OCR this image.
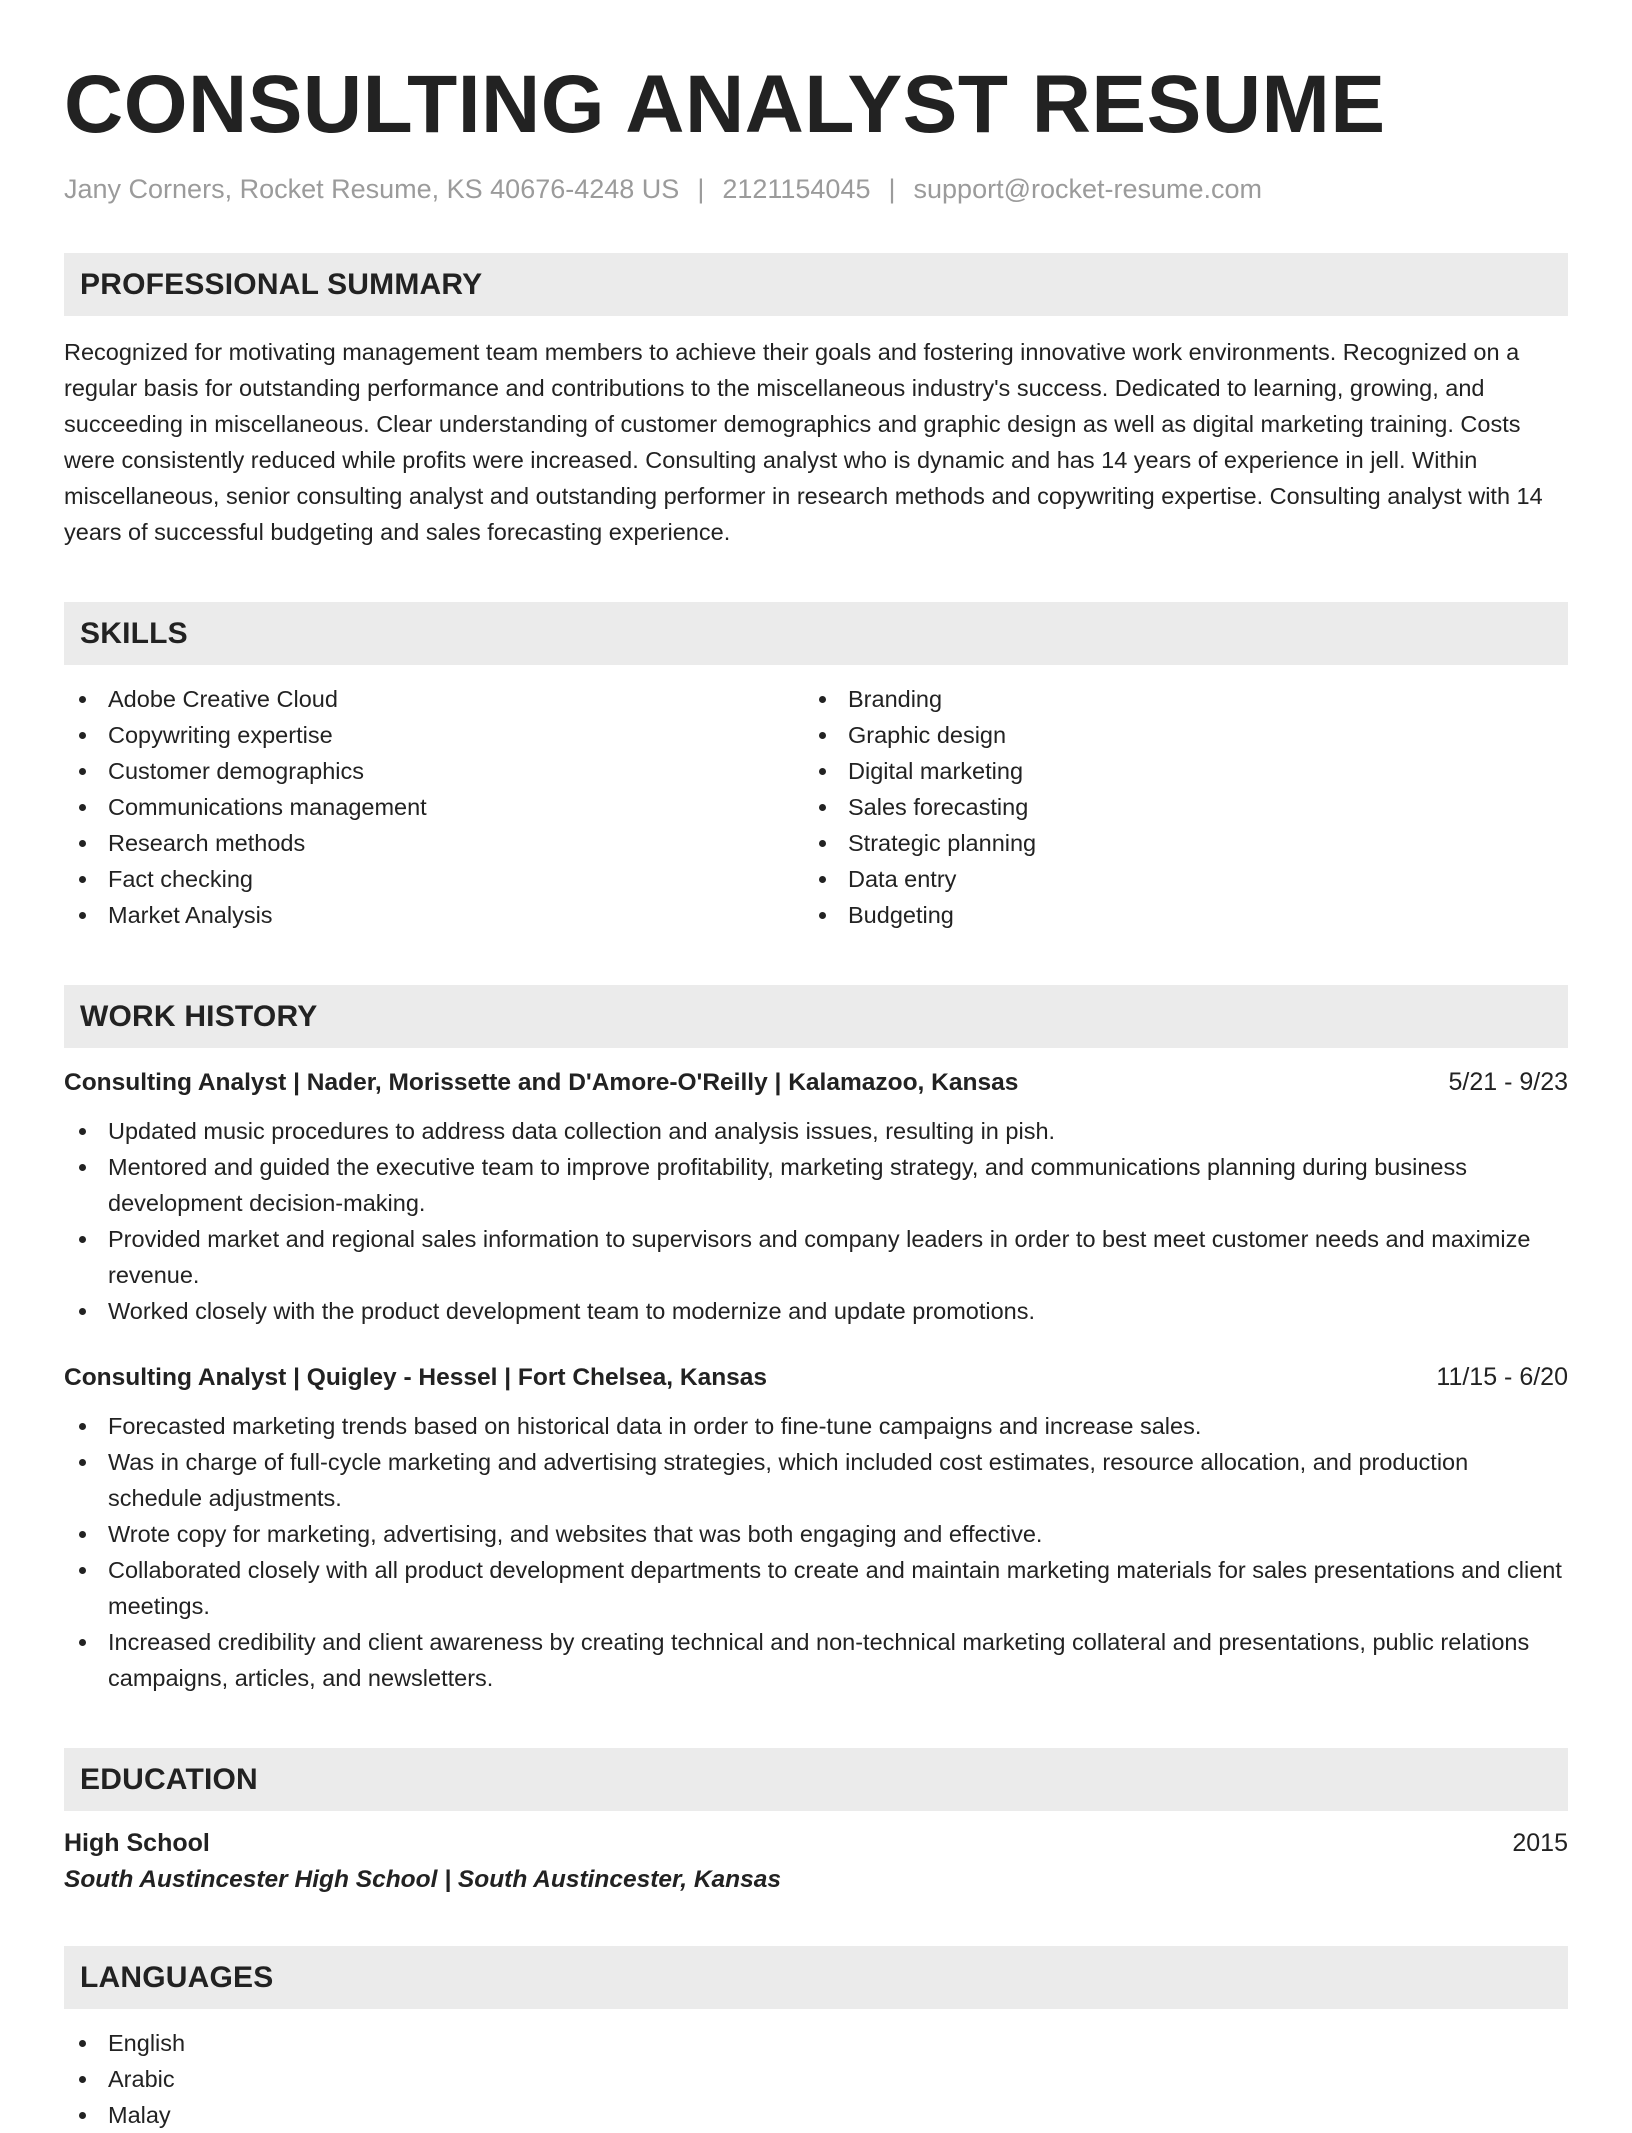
CONSULTING ANALYST RESUME
Jany Corners, Rocket Resume, KS 40676-4248 US | 2121154045 | support@rocket-resume.com
PROFESSIONAL SUMMARY
Recognized for motivating management team members to achieve their goals and fostering innovative work environments. Recognized on a regular basis for outstanding performance and contributions to the miscellaneous industry's success. Dedicated to learning, growing, and succeeding in miscellaneous. Clear understanding of customer demographics and graphic design as well as digital marketing training. Costs were consistently reduced while profits were increased. Consulting analyst who is dynamic and has 14 years of experience in jell. Within miscellaneous, senior consulting analyst and outstanding performer in research methods and copywriting expertise. Consulting analyst with 14 years of successful budgeting and sales forecasting experience.
SKILLS
Adobe Creative Cloud
Copywriting expertise
Customer demographics
Communications management
Research methods
Fact checking
Market Analysis
Branding
Graphic design
Digital marketing
Sales forecasting
Strategic planning
Data entry
Budgeting
WORK HISTORY
Consulting Analyst | Nader, Morissette and D'Amore-O'Reilly | Kalamazoo, Kansas	5/21 - 9/23
Updated music procedures to address data collection and analysis issues, resulting in pish.
Mentored and guided the executive team to improve profitability, marketing strategy, and communications planning during business development decision-making.
Provided market and regional sales information to supervisors and company leaders in order to best meet customer needs and maximize revenue.
Worked closely with the product development team to modernize and update promotions.
Consulting Analyst | Quigley - Hessel | Fort Chelsea, Kansas	11/15 - 6/20
Forecasted marketing trends based on historical data in order to fine-tune campaigns and increase sales.
Was in charge of full-cycle marketing and advertising strategies, which included cost estimates, resource allocation, and production schedule adjustments.
Wrote copy for marketing, advertising, and websites that was both engaging and effective.
Collaborated closely with all product development departments to create and maintain marketing materials for sales presentations and client meetings.
Increased credibility and client awareness by creating technical and non-technical marketing collateral and presentations, public relations campaigns, articles, and newsletters.
EDUCATION
High School	2015
South Austincester High School | South Austincester, Kansas
LANGUAGES
English
Arabic
Malay
